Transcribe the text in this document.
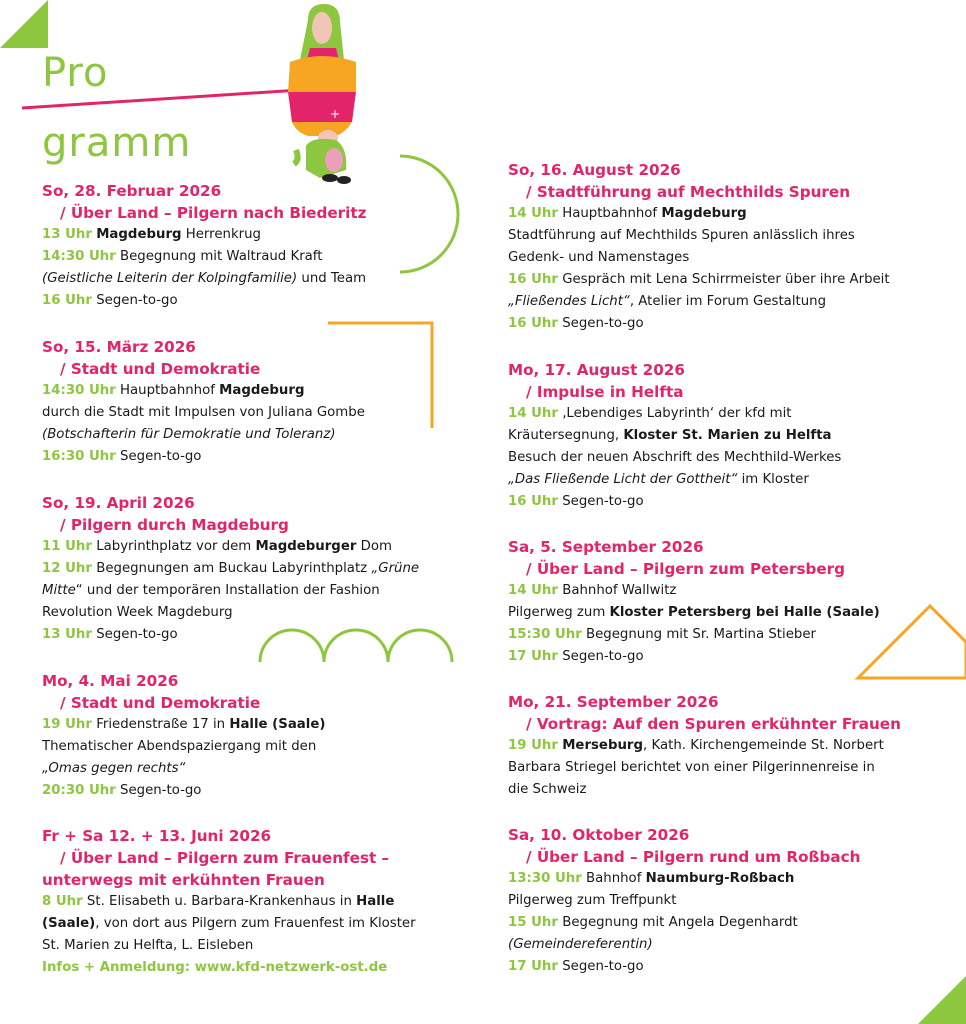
+
Pro
gramm
So, 28. Februar 2026
/ Über Land – Pilgern nach Biederitz
13 Uhr Magdeburg Herrenkrug
14:30 Uhr Begegnung mit Waltraud Kraft
(Geistliche Leiterin der Kolpingfamilie) und Team
16 Uhr Segen-to-go
So, 15. März 2026
/ Stadt und Demokratie
14:30 Uhr Hauptbahnhof Magdeburg
durch die Stadt mit Impulsen von Juliana Gombe
(Botschafterin für Demokratie und Toleranz)
16:30 Uhr Segen-to-go
So, 19. April 2026
/ Pilgern durch Magdeburg
11 Uhr Labyrinthplatz vor dem Magdeburger Dom
12 Uhr Begegnungen am Buckau Labyrinthplatz „Grüne
Mitte“ und der temporären Installation der Fashion
Revolution Week Magdeburg
13 Uhr Segen-to-go
Mo, 4. Mai 2026
/ Stadt und Demokratie
19 Uhr Friedenstraße 17 in Halle (Saale)
Thematischer Abendspaziergang mit den
„Omas gegen rechts“
20:30 Uhr Segen-to-go
Fr + Sa 12. + 13. Juni 2026
/ Über Land – Pilgern zum Frauenfest –
unterwegs mit erkühnten Frauen
8 Uhr St. Elisabeth u. Barbara-Krankenhaus in Halle
(Saale), von dort aus Pilgern zum Frauenfest im Kloster
St. Marien zu Helfta, L. Eisleben
Infos + Anmeldung: www.kfd-netzwerk-ost.de
So, 16. August 2026
/ Stadtführung auf Mechthilds Spuren
14 Uhr Hauptbahnhof Magdeburg
Stadtführung auf Mechthilds Spuren anlässlich ihres
Gedenk- und Namenstages
16 Uhr Gespräch mit Lena Schirrmeister über ihre Arbeit
„Fließendes Licht“, Atelier im Forum Gestaltung
16 Uhr Segen-to-go
Mo, 17. August 2026
/ Impulse in Helfta
14 Uhr ‚Lebendiges Labyrinth‘ der kfd mit
Kräutersegnung, Kloster St. Marien zu Helfta
Besuch der neuen Abschrift des Mechthild-Werkes
„Das Fließende Licht der Gottheit“ im Kloster
16 Uhr Segen-to-go
Sa, 5. September 2026
/ Über Land – Pilgern zum Petersberg
14 Uhr Bahnhof Wallwitz
Pilgerweg zum Kloster Petersberg bei Halle (Saale)
15:30 Uhr Begegnung mit Sr. Martina Stieber
17 Uhr Segen-to-go
Mo, 21. September 2026
/ Vortrag: Auf den Spuren erkühnter Frauen
19 Uhr Merseburg, Kath. Kirchengemeinde St. Norbert
Barbara Striegel berichtet von einer Pilgerinnenreise in
die Schweiz
Sa, 10. Oktober 2026
/ Über Land – Pilgern rund um Roßbach
13:30 Uhr Bahnhof Naumburg-Roßbach
Pilgerweg zum Treffpunkt
15 Uhr Begegnung mit Angela Degenhardt
(Gemeindereferentin)
17 Uhr Segen-to-go
